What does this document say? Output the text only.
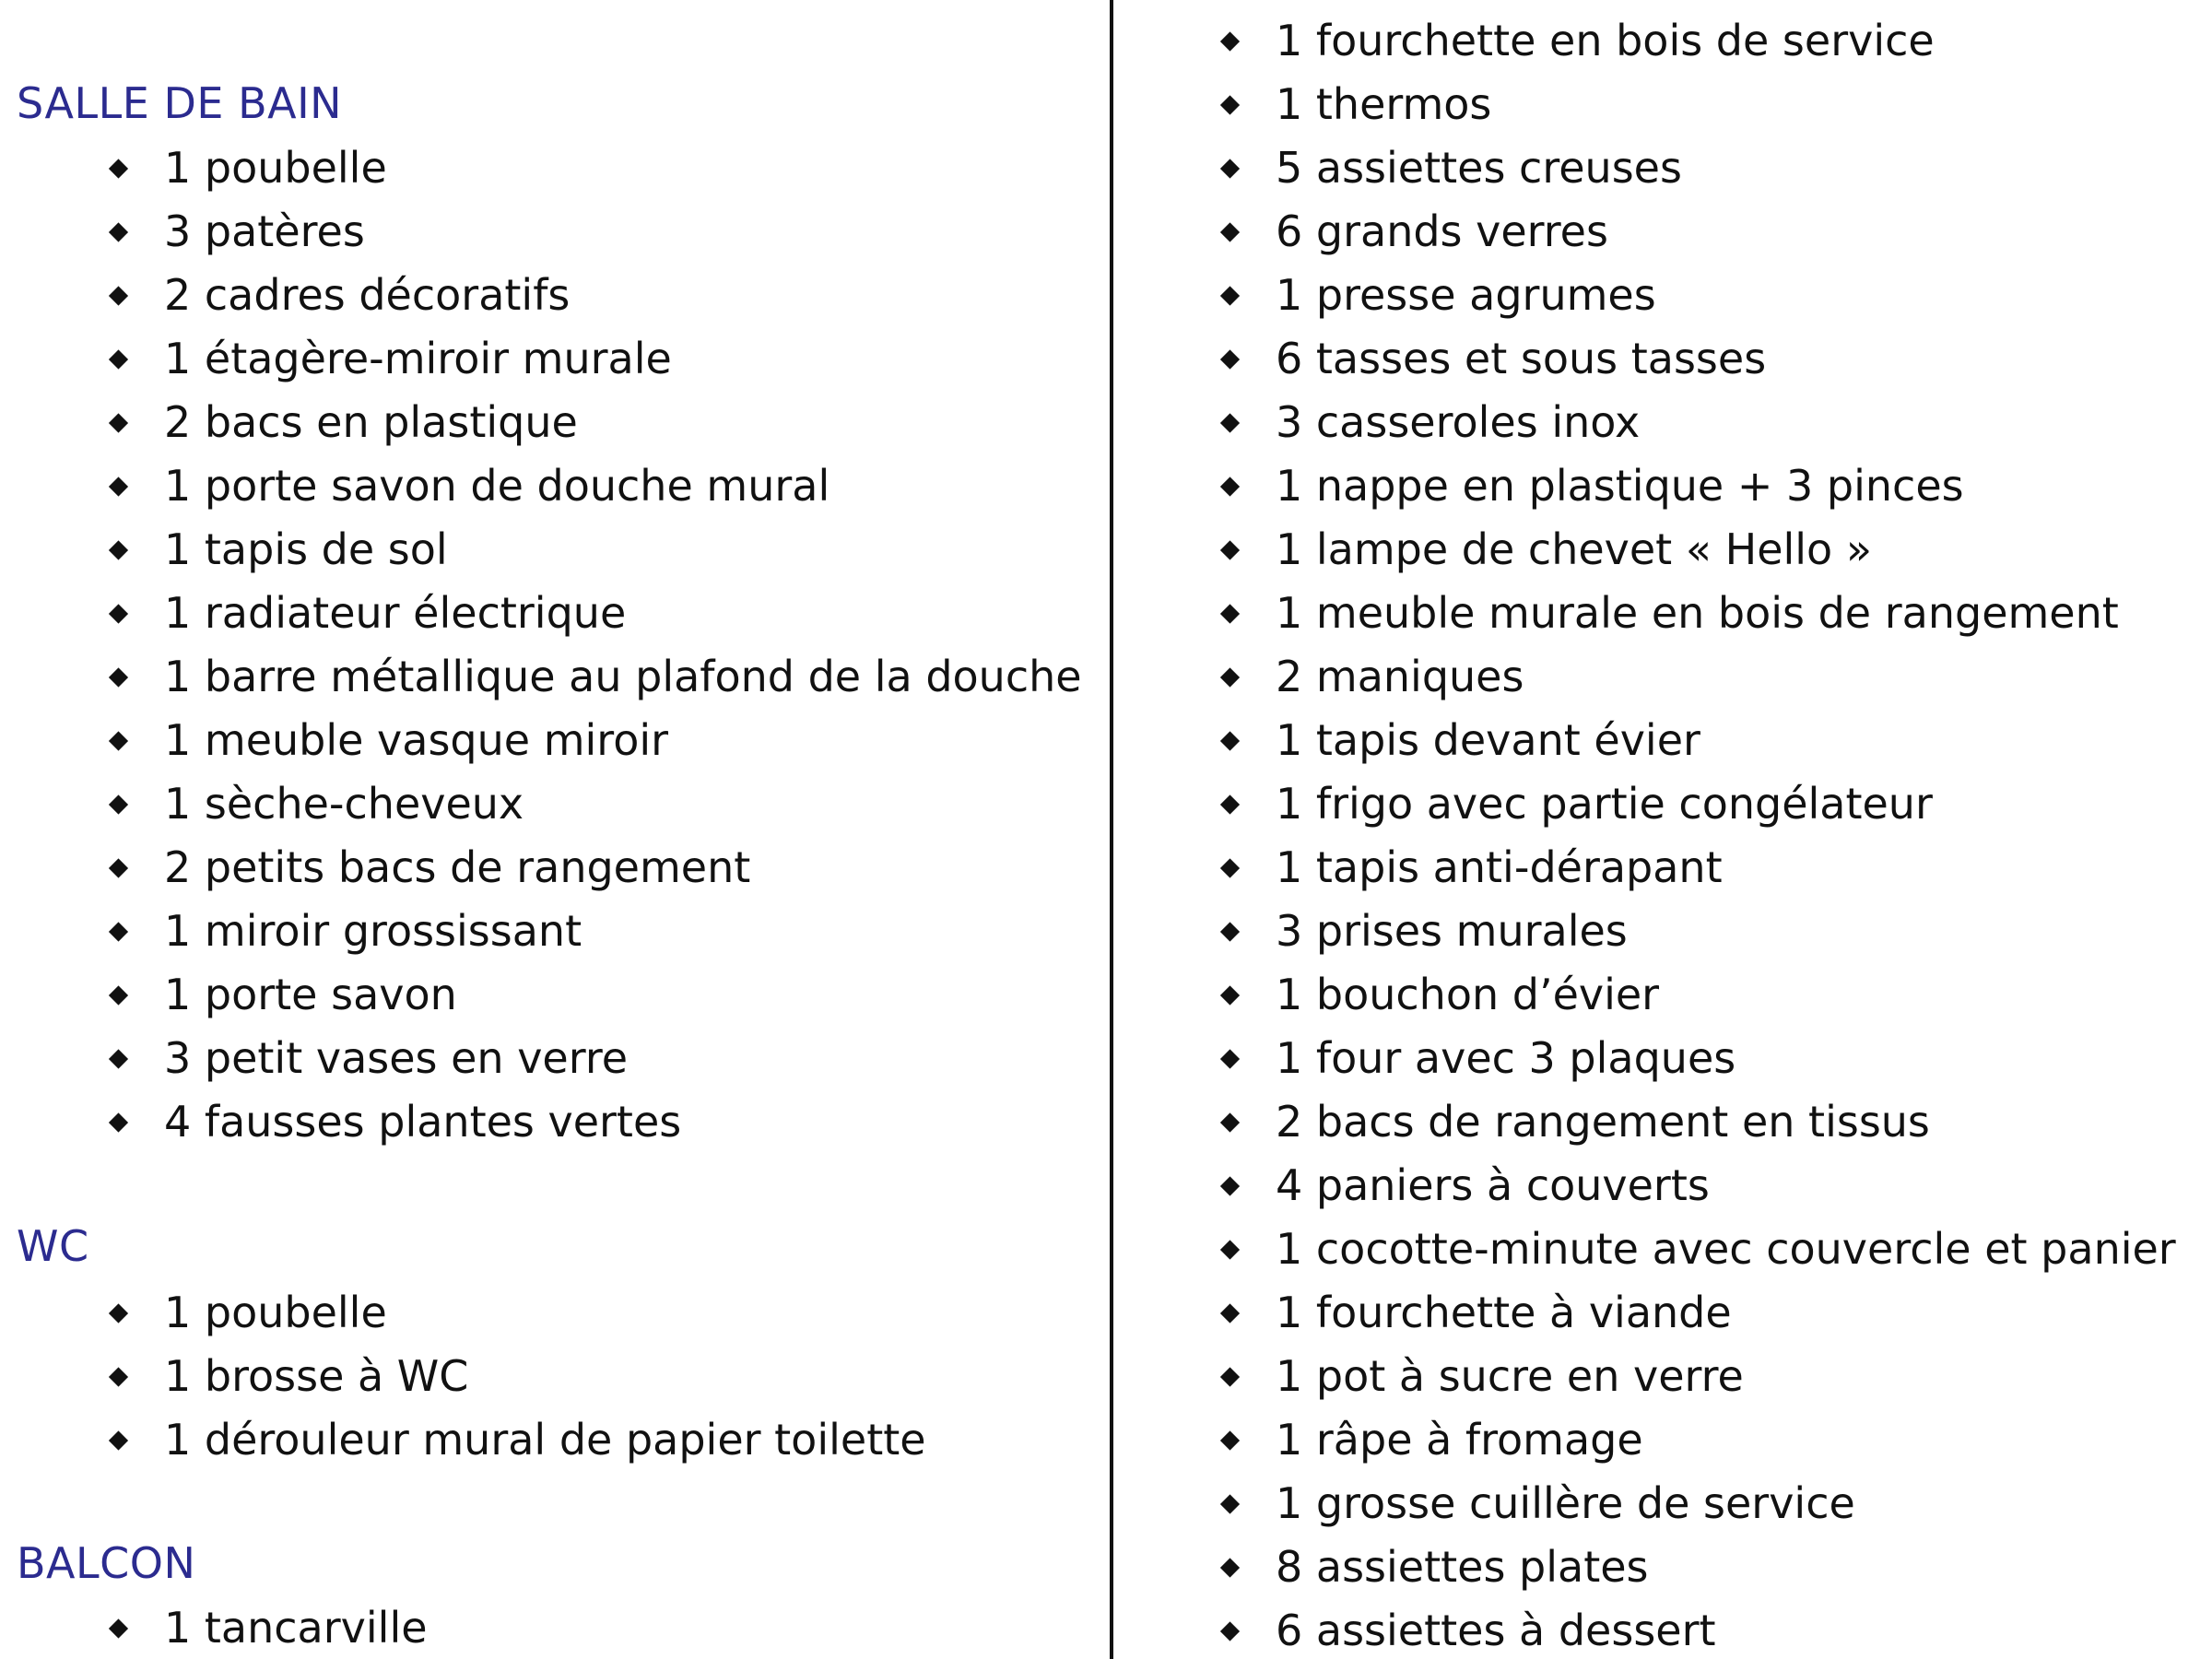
SALLE DE BAIN
1 poubelle
3 patères
2 cadres décoratifs
1 étagère-miroir murale
2 bacs en plastique
1 porte savon de douche mural
1 tapis de sol
1 radiateur électrique
1 barre métallique au plafond de la douche
1 meuble vasque miroir
1 sèche-cheveux
2 petits bacs de rangement
1 miroir grossissant
1 porte savon
3 petit vases en verre
4 fausses plantes vertes
WC
1 poubelle
1 brosse à WC
1 dérouleur mural de papier toilette
BALCON
1 tancarville
1 fourchette en bois de service
1 thermos
5 assiettes creuses
6 grands verres
1 presse agrumes
6 tasses et sous tasses
3 casseroles inox
1 nappe en plastique + 3 pinces
1 lampe de chevet « Hello »
1 meuble murale en bois de rangement
2 maniques
1 tapis devant évier
1 frigo avec partie congélateur
1 tapis anti-dérapant
3 prises murales
1 bouchon d’évier
1 four avec 3 plaques
2 bacs de rangement en tissus
4 paniers à couverts
1 cocotte-minute avec couvercle et panier
1 fourchette à viande
1 pot à sucre en verre
1 râpe à fromage
1 grosse cuillère de service
8 assiettes plates
6 assiettes à dessert
